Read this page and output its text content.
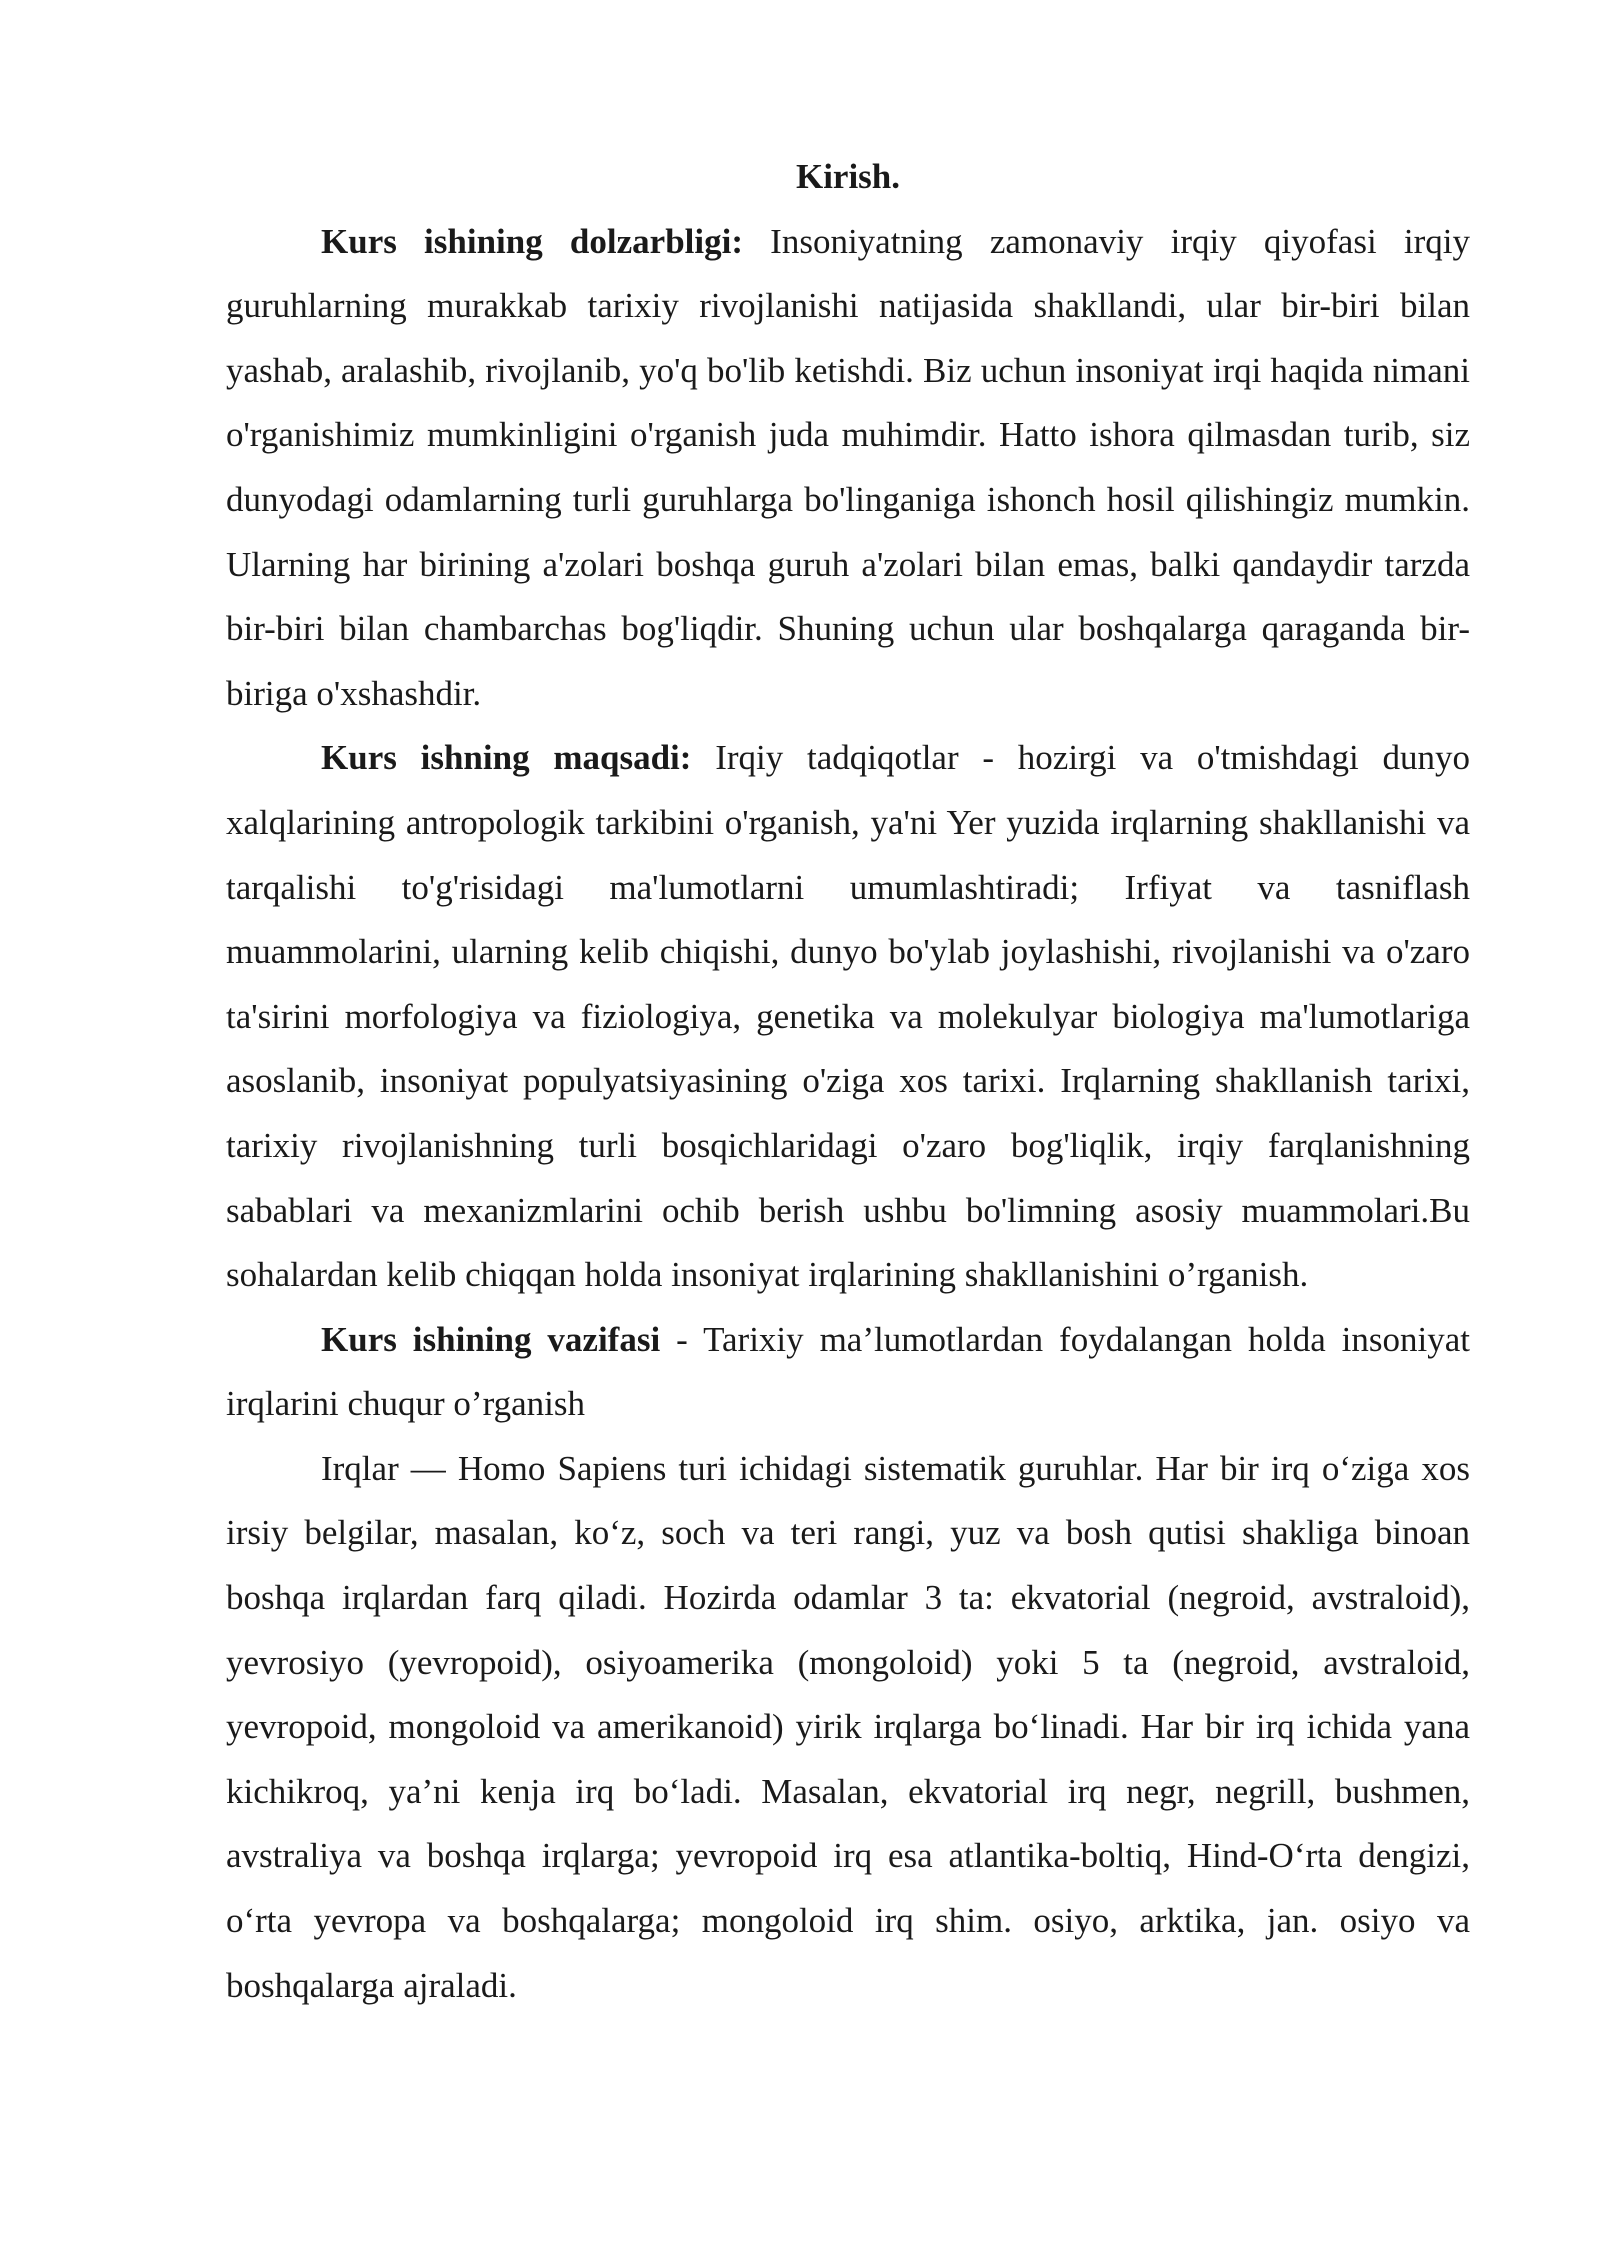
Kirish.

Kurs ishining dolzarbligi: Insoniyatning zamonaviy irqiy qiyofasi irqiy guruhlarning murakkab tarixiy rivojlanishi natijasida shakllandi, ular bir-biri bilan yashab, aralashib, rivojlanib, yo'q bo'lib ketishdi. Biz uchun insoniyat irqi haqida nimani o'rganishimiz mumkinligini o'rganish juda muhimdir. Hatto ishora qilmasdan turib, siz dunyodagi odamlarning turli guruhlarga bo'linganiga ishonch hosil qilishingiz mumkin. Ularning har birining a'zolari boshqa guruh a'zolari bilan emas, balki qandaydir tarzda bir-biri bilan chambarchas bog'liqdir. Shuning uchun ular boshqalarga qaraganda bir-biriga o'xshashdir.

Kurs ishning maqsadi: Irqiy tadqiqotlar - hozirgi va o'tmishdagi dunyo xalqlarining antropologik tarkibini o'rganish, ya'ni Yer yuzida irqlarning shakllanishi va tarqalishi to'g'risidagi ma'lumotlarni umumlashtiradi; Irfiyat va tasniflash muammolarini, ularning kelib chiqishi, dunyo bo'ylab joylashishi, rivojlanishi va o'zaro ta'sirini morfologiya va fiziologiya, genetika va molekulyar biologiya ma'lumotlariga asoslanib, insoniyat populyatsiyasining o'ziga xos tarixi. Irqlarning shakllanish tarixi, tarixiy rivojlanishning turli bosqichlaridagi o'zaro bog'liqlik, irqiy farqlanishning sabablari va mexanizmlarini ochib berish ushbu bo'limning asosiy muammolari.Bu sohalardan kelib chiqqan holda insoniyat irqlarining shakllanishini o’rganish.

Kurs ishining vazifasi - Tarixiy ma’lumotlardan foydalangan holda insoniyat irqlarini chuqur o’rganish

Irqlar — Homo Sapiens turi ichidagi sistematik guruhlar. Har bir irq o‘ziga xos irsiy belgilar, masalan, ko‘z, soch va teri rangi, yuz va bosh qutisi shakliga binoan boshqa irqlardan farq qiladi. Hozirda odamlar 3 ta: ekvatorial (negroid, avstraloid), yevrosiyo (yevropoid), osiyoamerika (mongoloid) yoki 5 ta (negroid, avstraloid, yevropoid, mongoloid va amerikanoid) yirik irqlarga bo‘linadi. Har bir irq ichida yana kichikroq, ya’ni kenja irq bo‘ladi. Masalan, ekvatorial irq negr, negrill, bushmen, avstraliya va boshqa irqlarga; yevropoid irq esa atlantika-boltiq, Hind-O‘rta dengizi, o‘rta yevropa va boshqalarga; mongoloid irq shim. osiyo, arktika, jan. osiyo va boshqalarga ajraladi.
